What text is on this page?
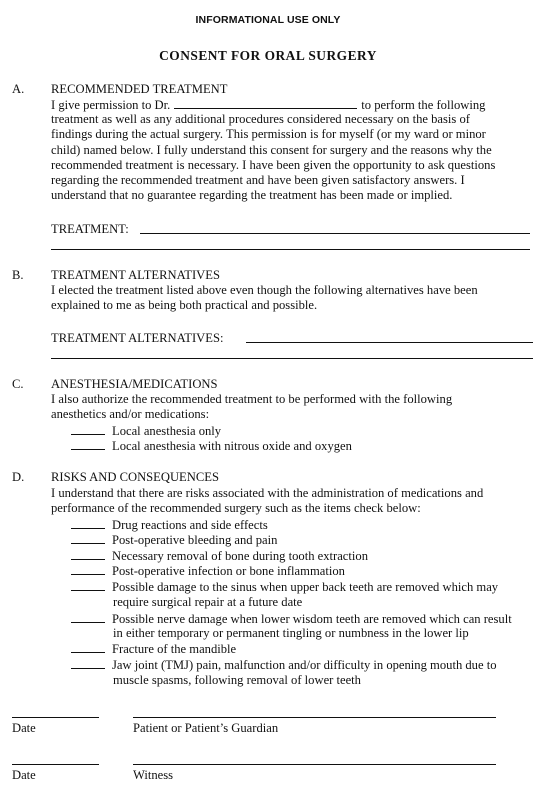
INFORMATIONAL USE ONLY
CONSENT FOR ORAL SURGERY
A. RECOMMENDED TREATMENT
I give permission to Dr.	to perform the following
treatment as well as any additional procedures considered necessary on the basis of
findings during the actual surgery. This permission is for myself (or my ward or minor
child) named below. I fully understand this consent for surgery and the reasons why the
recommended treatment is necessary. I have been given the opportunity to ask questions
regarding the recommended treatment and have been given satisfactory answers. I
understand that no guarantee regarding the treatment has been made or implied.
TREATMENT:
B. TREATMENT ALTERNATIVES
I elected the treatment listed above even though the following alternatives have been
explained to me as being both practical and possible.
TREATMENT ALTERNATIVES:
C. ANESTHESIA/MEDICATIONS
I also authorize the recommended treatment to be performed with the following
anesthetics and/or medications:
Local anesthesia only
Local anesthesia with nitrous oxide and oxygen
D. RISKS AND CONSEQUENCES
I understand that there are risks associated with the administration of medications and
performance of the recommended surgery such as the items check below:
Drug reactions and side effects
Post-operative bleeding and pain
Necessary removal of bone during tooth extraction
Post-operative infection or bone inflammation
Possible damage to the sinus when upper back teeth are removed which may
require surgical repair at a future date
Possible nerve damage when lower wisdom teeth are removed which can result
in either temporary or permanent tingling or numbness in the lower lip
Fracture of the mandible
Jaw joint (TMJ) pain, malfunction and/or difficulty in opening mouth due to
muscle spasms, following removal of lower teeth
Date	Patient or Patient’s Guardian
Date	Witness
